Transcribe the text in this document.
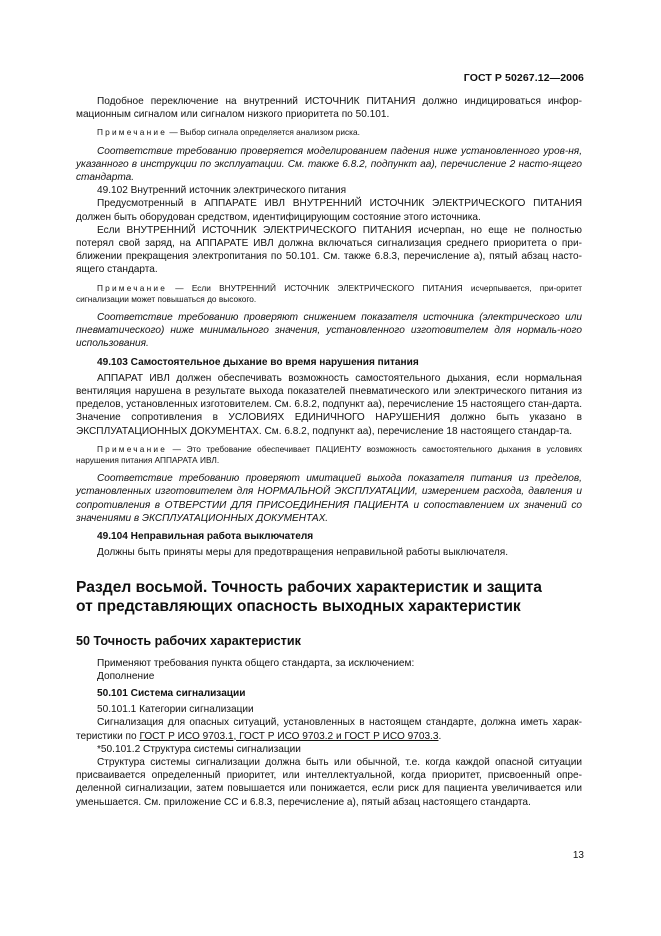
ГОСТ Р 50267.12—2006

Подобное переключение на внутренний ИСТОЧНИК ПИТАНИЯ должно индицироваться инфор-мационным сигналом или сигналом низкого приоритета по 50.101.

Примечание — Выбор сигнала определяется анализом риска.

Соответствие требованию проверяется моделированием падения ниже установленного уров-ня, указанного в инструкции по эксплуатации. См. также 6.8.2, подпункт аа), перечисление 2 насто-ящего стандарта.

49.102 Внутренний источник электрического питания

Предусмотренный в АППАРАТЕ ИВЛ ВНУТРЕННИЙ ИСТОЧНИК ЭЛЕКТРИЧЕСКОГО ПИТАНИЯ должен быть оборудован средством, идентифицирующим состояние этого источника.

Если ВНУТРЕННИЙ ИСТОЧНИК ЭЛЕКТРИЧЕСКОГО ПИТАНИЯ исчерпан, но еще не полностью потерял свой заряд, на АППАРАТЕ ИВЛ должна включаться сигнализация среднего приоритета о при-ближении прекращения электропитания по 50.101. См. также 6.8.3, перечисление а), пятый абзац насто-ящего стандарта.

Примечание — Если ВНУТРЕННИЙ ИСТОЧНИК ЭЛЕКТРИЧЕСКОГО ПИТАНИЯ исчерпывается, при-оритет сигнализации может повышаться до высокого.

Соответствие требованию проверяют снижением показателя источника (электрического или пневматического) ниже минимального значения, установленного изготовителем для нормаль-ного использования.

49.103 Самостоятельное дыхание во время нарушения питания

АППАРАТ ИВЛ должен обеспечивать возможность самостоятельного дыхания, если нормальная вентиляция нарушена в результате выхода показателей пневматического или электрического питания из пределов, установленных изготовителем. См. 6.8.2, подпункт аа), перечисление 15 настоящего стан-дарта. Значение сопротивления в УСЛОВИЯХ ЕДИНИЧНОГО НАРУШЕНИЯ должно быть указано в ЭКСПЛУАТАЦИОННЫХ ДОКУМЕНТАХ. См. 6.8.2, подпункт аа), перечисление 18 настоящего стандар-та.

Примечание — Это требование обеспечивает ПАЦИЕНТУ возможность самостоятельного дыхания в условиях нарушения питания АППАРАТА ИВЛ.

Соответствие требованию проверяют имитацией выхода показателя питания из пределов, установленных изготовителем для НОРМАЛЬНОЙ ЭКСПЛУАТАЦИИ, измерением расхода, давления и сопротивления в ОТВЕРСТИИ ДЛЯ ПРИСОЕДИНЕНИЯ ПАЦИЕНТА и сопоставлением их значений со значениями в ЭКСПЛУАТАЦИОННЫХ ДОКУМЕНТАХ.

49.104 Неправильная работа выключателя

Должны быть приняты меры для предотвращения неправильной работы выключателя.

Раздел восьмой. Точность рабочих характеристик и защита
от представляющих опасность выходных характеристик

50 Точность рабочих характеристик

Применяют требования пункта общего стандарта, за исключением:

Дополнение

50.101 Система сигнализации

50.101.1 Категории сигнализации

Сигнализация для опасных ситуаций, установленных в настоящем стандарте, должна иметь харак-теристики по ГОСТ Р ИСО 9703.1, ГОСТ Р ИСО 9703.2 и ГОСТ Р ИСО 9703.3.

*50.101.2 Структура системы сигнализации

Структура системы сигнализации должна быть или обычной, т.е. когда каждой опасной ситуации присваивается определенный приоритет, или интеллектуальной, когда приоритет, присвоенный опре-деленной сигнализации, затем повышается или понижается, если риск для пациента увеличивается или уменьшается. См. приложение СС и 6.8.3, перечисление а), пятый абзац настоящего стандарта.

13
